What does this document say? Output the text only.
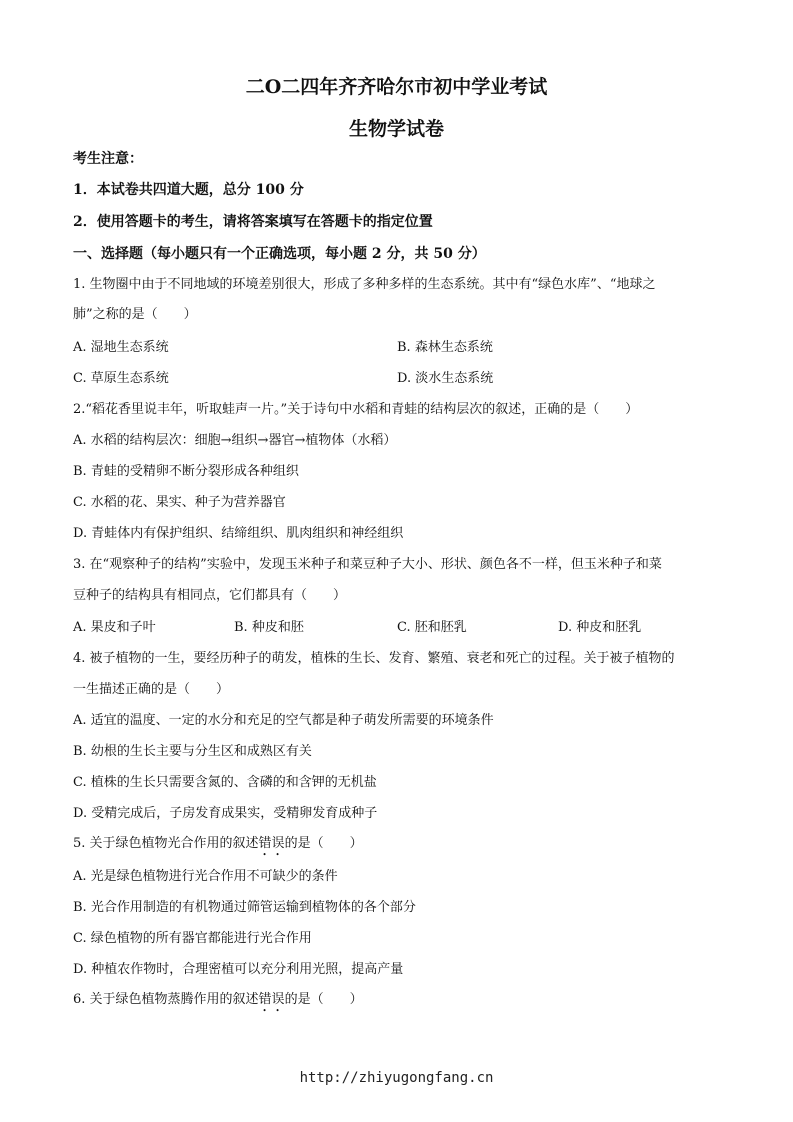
二O二四年齐齐哈尔市初中学业考试
生物学试卷
考生注意：
1．本试卷共四道大题，总分 100 分
2．使用答题卡的考生，请将答案填写在答题卡的指定位置
一、选择题（每小题只有一个正确选项，每小题 2 分，共 50 分）
1. 生物圈中由于不同地域的环境差别很大，形成了多种多样的生态系统。其中有“绿色水库”、“地球之
肺”之称的是（　　）
A. 湿地生态系统	B. 森林生态系统
C. 草原生态系统	D. 淡水生态系统
2.“稻花香里说丰年，听取蛙声一片。”关于诗句中水稻和青蛙的结构层次的叙述，正确的是（　　）
A. 水稻的结构层次：细胞→组织→器官→植物体（水稻）
B. 青蛙的受精卵不断分裂形成各种组织
C. 水稻的花、果实、种子为营养器官
D. 青蛙体内有保护组织、结缔组织、肌肉组织和神经组织
3. 在“观察种子的结构”实验中，发现玉米种子和菜豆种子大小、形状、颜色各不一样，但玉米种子和菜
豆种子的结构具有相同点，它们都具有（　　）
A. 果皮和子叶	B. 种皮和胚	C. 胚和胚乳	D. 种皮和胚乳
4. 被子植物的一生，要经历种子的萌发，植株的生长、发育、繁殖、衰老和死亡的过程。关于被子植物的
一生描述正确的是（　　）
A. 适宜的温度、一定的水分和充足的空气都是种子萌发所需要的环境条件
B. 幼根的生长主要与分生区和成熟区有关
C. 植株的生长只需要含氮的、含磷的和含钾的无机盐
D. 受精完成后，子房发育成果实，受精卵发育成种子
5. 关于绿色植物光合作用的叙述错误的是（　　）
A. 光是绿色植物进行光合作用不可缺少的条件
B. 光合作用制造的有机物通过筛管运输到植物体的各个部分
C. 绿色植物的所有器官都能进行光合作用
D. 种植农作物时，合理密植可以充分利用光照，提高产量
6. 关于绿色植物蒸腾作用的叙述错误的是（　　）
http://zhiyugongfang.cn
